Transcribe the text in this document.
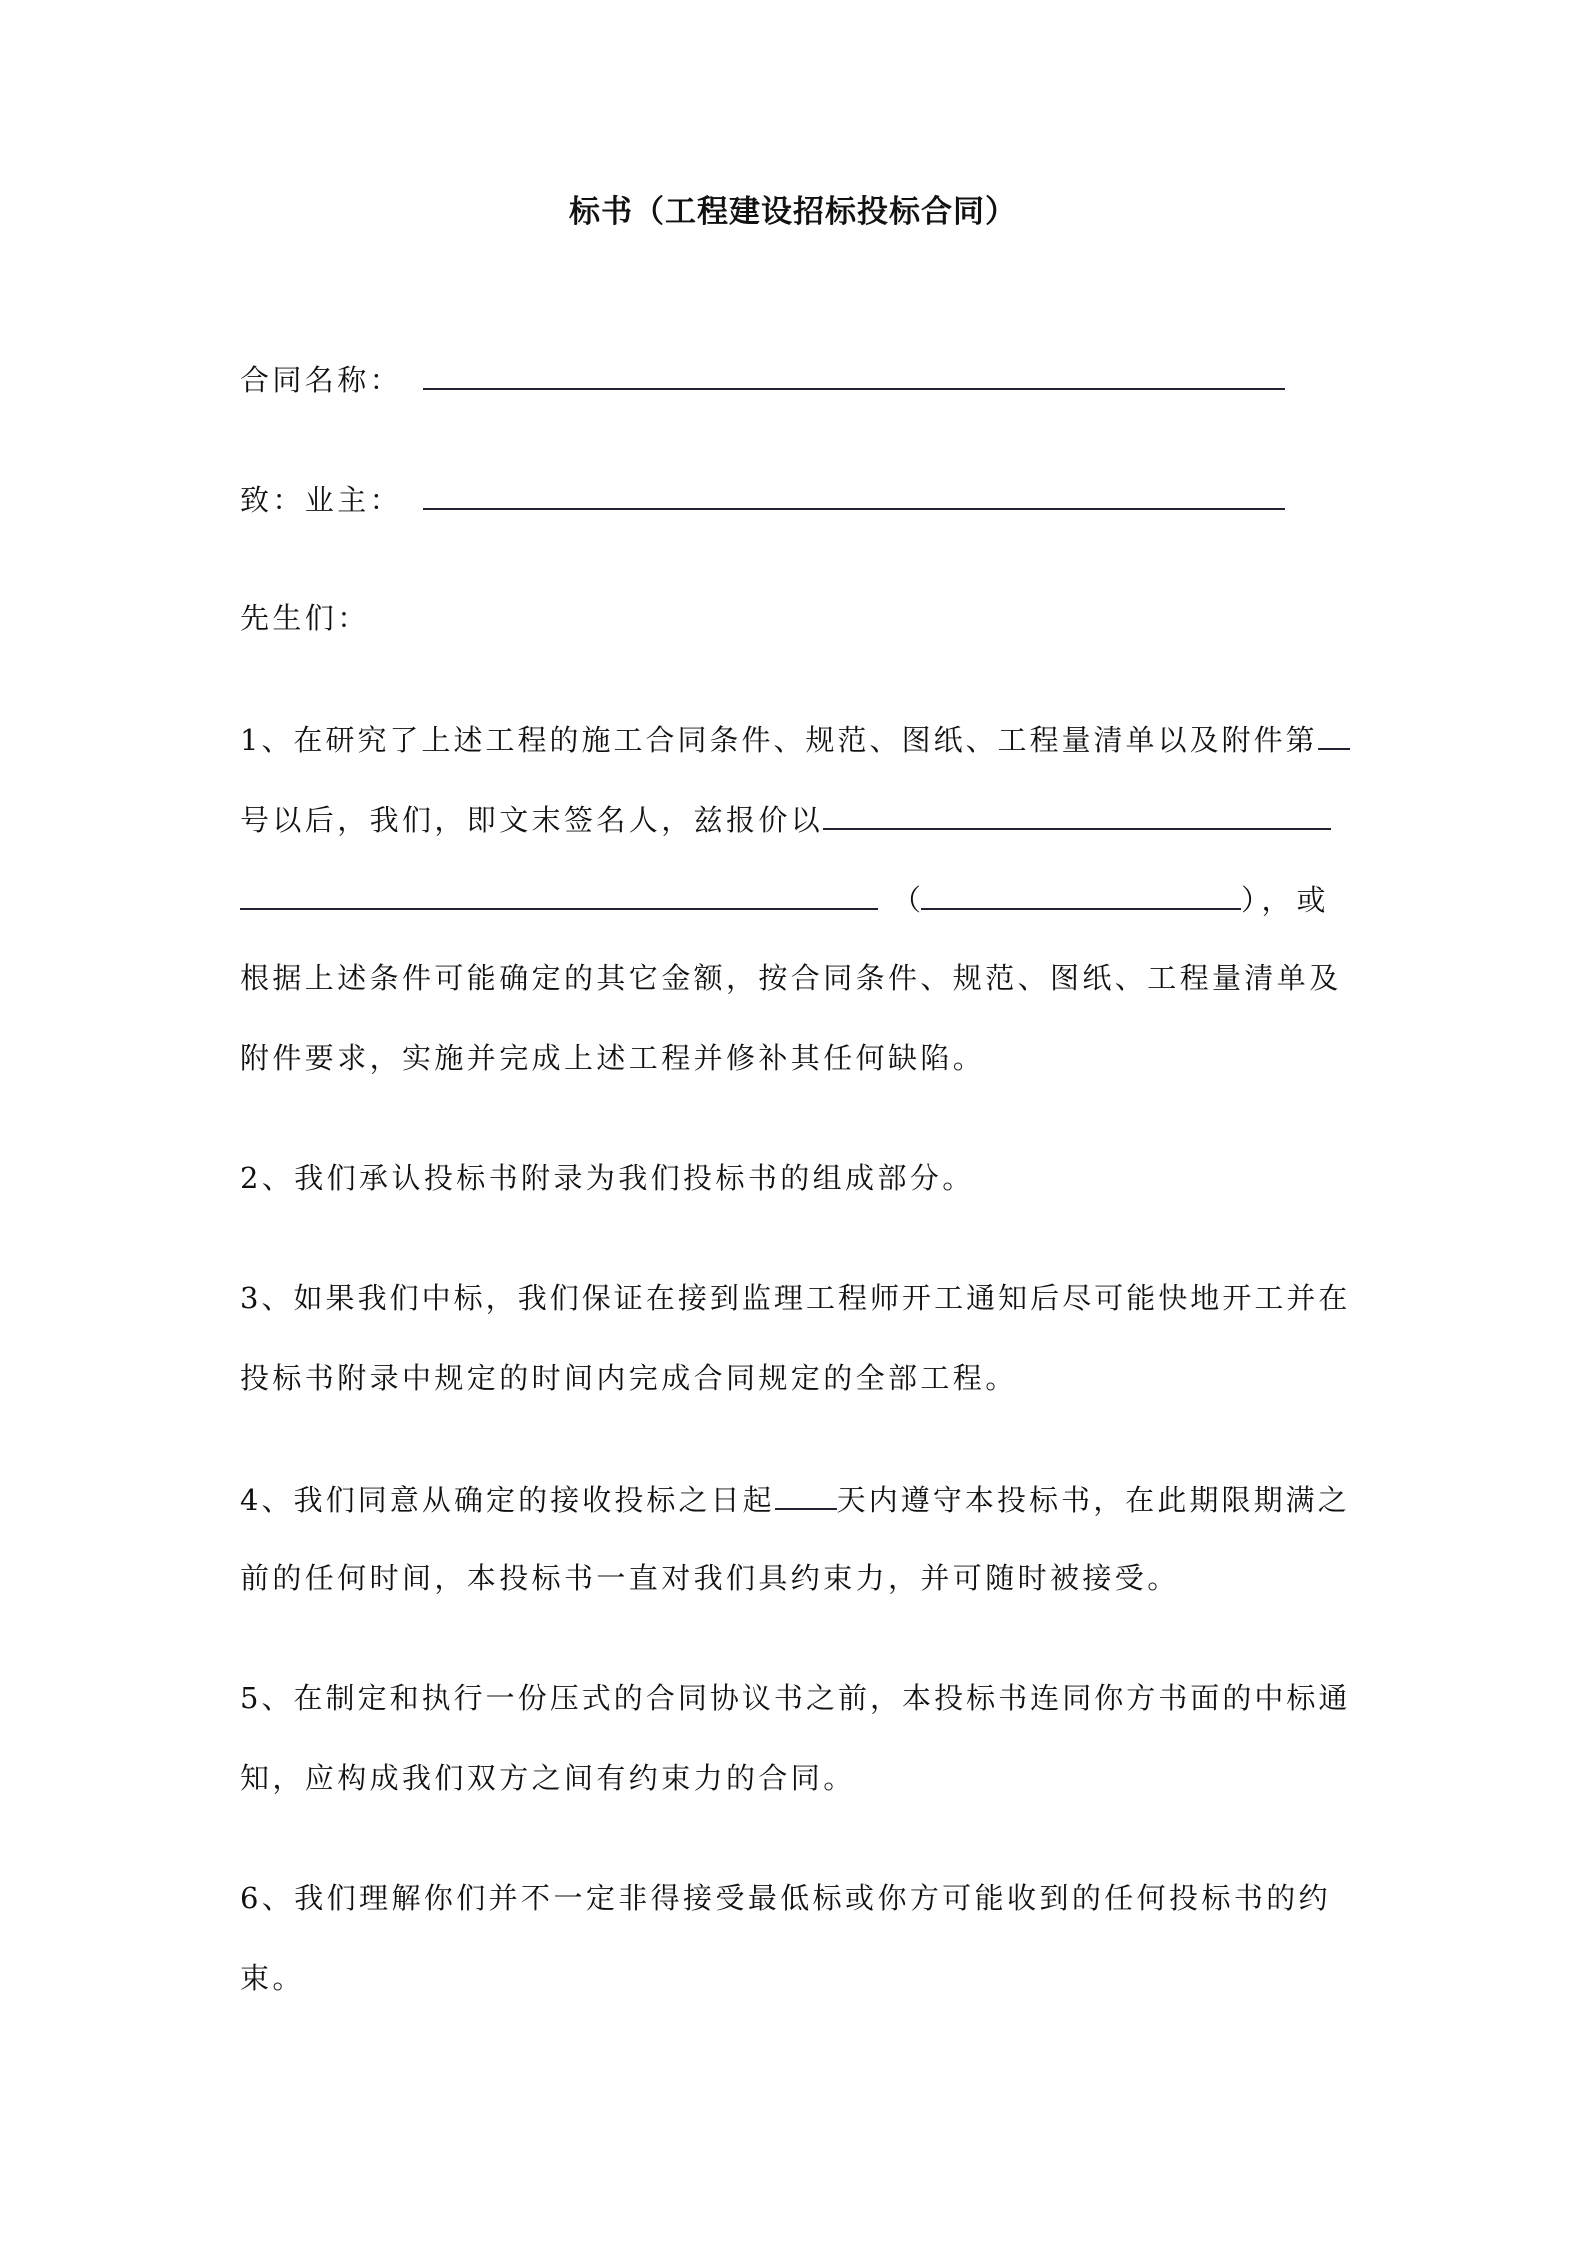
标书（工程建设招标投标合同）
合同名称：
致：业主：
先生们：
1、在研究了上述工程的施工合同条件、规范、图纸、工程量清单以及附件第
号以后，我们，即文末签名人，兹报价以
（	），或
根据上述条件可能确定的其它金额，按合同条件、规范、图纸、工程量清单及
附件要求，实施并完成上述工程并修补其任何缺陷。
2、我们承认投标书附录为我们投标书的组成部分。
3、如果我们中标，我们保证在接到监理工程师开工通知后尽可能快地开工并在
投标书附录中规定的时间内完成合同规定的全部工程。
4、我们同意从确定的接收投标之日起 天内遵守本投标书，在此期限期满之
前的任何时间，本投标书一直对我们具约束力，并可随时被接受。
5、在制定和执行一份压式的合同协议书之前，本投标书连同你方书面的中标通
知，应构成我们双方之间有约束力的合同。
6、我们理解你们并不一定非得接受最低标或你方可能收到的任何投标书的约
束。
